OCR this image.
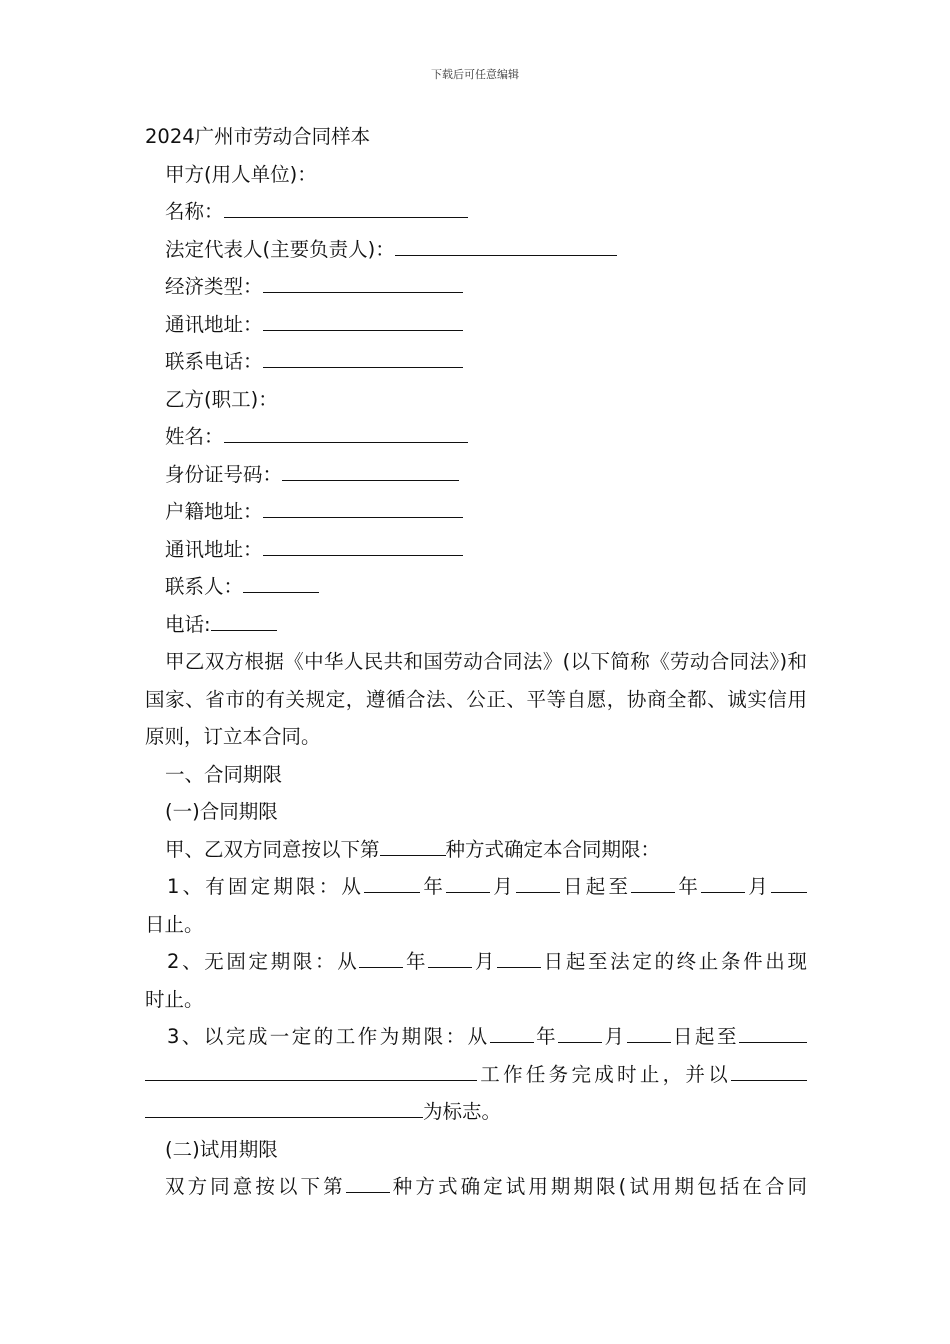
下载后可任意编辑
2024广州市劳动合同样本
甲方(用人单位)：
名称：
法定代表人(主要负责人)：
经济类型：
通讯地址：
联系电话：
乙方(职工)：
姓名：
身份证号码：
户籍地址：
通讯地址：
联系人：
电话:
甲乙双方根据《中华人民共和国劳动合同法》(以下简称《劳动合同法》)和国家、省市的有关规定，遵循合法、公正、平等自愿，协商全都、诚实信用原则，订立本合同。
一、合同期限
(一)合同期限
甲、乙双方同意按以下第	种方式确定本合同期限：
1、有固定期限：从	年 月 日起至 年 月
日止。
2、无固定期限：从 年 月 日起至法定的终止条件出现
时止。
3、以完成一定的工作为期限：从 年 月 日起至
工作任务完成时止，并以
为标志。
(二)试用期限
双方同意按以下第 种方式确定试用期期限(试用期包括在合同
